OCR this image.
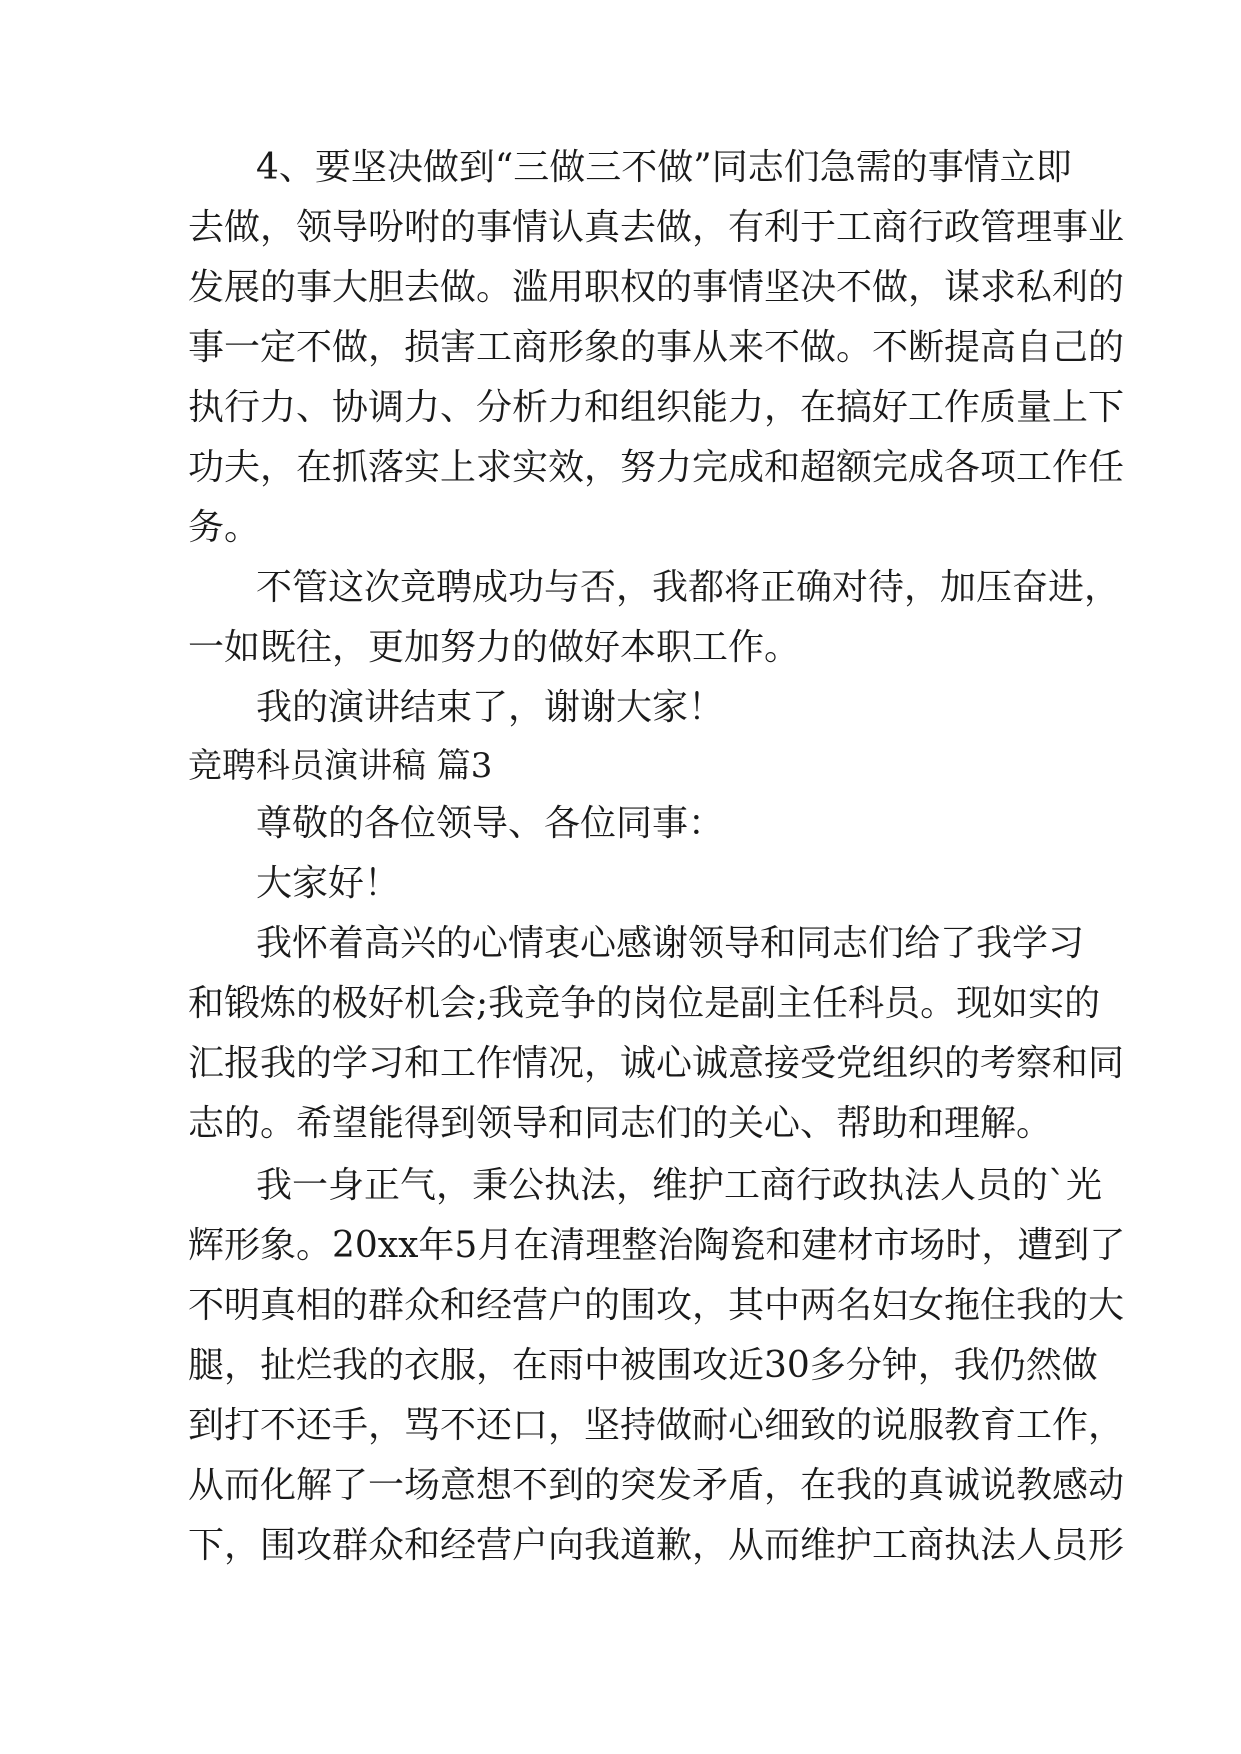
4、要坚决做到“三做三不做”同志们急需的事情立即
去做，领导吩咐的事情认真去做，有利于工商行政管理事业
发展的事大胆去做。滥用职权的事情坚决不做，谋求私利的
事一定不做，损害工商形象的事从来不做。不断提高自己的
执行力、协调力、分析力和组织能力，在搞好工作质量上下
功夫，在抓落实上求实效，努力完成和超额完成各项工作任
务。
不管这次竞聘成功与否，我都将正确对待，加压奋进，
一如既往，更加努力的做好本职工作。
我的演讲结束了，谢谢大家！
竞聘科员演讲稿 篇3
尊敬的各位领导、各位同事：
大家好！
我怀着高兴的心情衷心感谢领导和同志们给了我学习
和锻炼的极好机会;我竞争的岗位是副主任科员。现如实的
汇报我的学习和工作情况，诚心诚意接受党组织的考察和同
志的。希望能得到领导和同志们的关心、帮助和理解。
我一身正气，秉公执法，维护工商行政执法人员的`光
辉形象。20xx年5月在清理整治陶瓷和建材市场时，遭到了
不明真相的群众和经营户的围攻，其中两名妇女拖住我的大
腿，扯烂我的衣服，在雨中被围攻近30多分钟，我仍然做
到打不还手，骂不还口，坚持做耐心细致的说服教育工作，
从而化解了一场意想不到的突发矛盾，在我的真诚说教感动
下，围攻群众和经营户向我道歉，从而维护工商执法人员形
